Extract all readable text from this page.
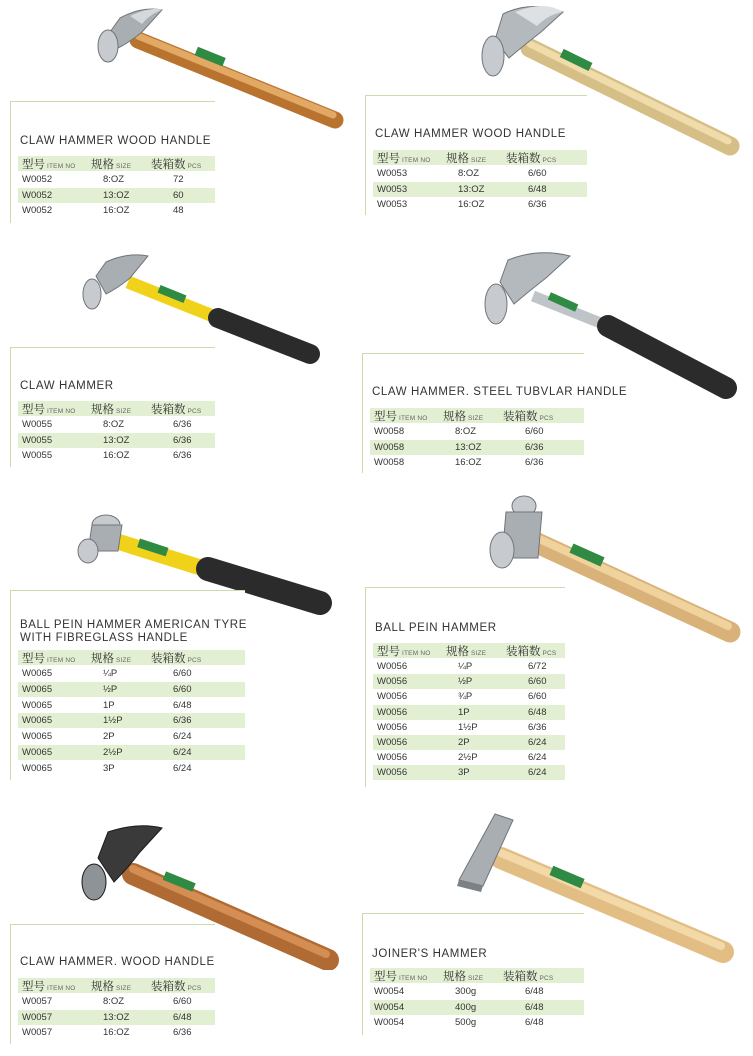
CLAW HAMMER WOOD HANDLE
型号 ITEM NO 规格 SIZE 装箱数 PCS
W0052	8:OZ	72
W0052	13:OZ	60
W0052	16:OZ	48
CLAW HAMMER WOOD HANDLE
型号 ITEM NO 规格 SIZE 装箱数 PCS
W0053	8:OZ	6/60
W0053	13:OZ	6/48
W0053	16:OZ	6/36
CLAW HAMMER
型号 ITEM NO 规格 SIZE 装箱数 PCS
W0055	8:OZ	6/36
W0055	13:OZ	6/36
W0055	16:OZ	6/36
CLAW HAMMER. STEEL TUBVLAR HANDLE
型号 ITEM NO 规格 SIZE 装箱数 PCS
W0058	8:OZ	6/60
W0058	13:OZ	6/36
W0058	16:OZ	6/36
BALL PEIN HAMMER AMERICAN TYRE
WITH FIBREGLASS HANDLE
型号 ITEM NO 规格 SIZE 装箱数 PCS
W0065	¼P	6/60
W0065	½P	6/60
W0065	1P	6/48
W0065	1½P	6/36
W0065	2P	6/24
W0065	2½P	6/24
W0065	3P	6/24
BALL PEIN HAMMER
型号 ITEM NO 规格 SIZE 装箱数 PCS
W0056	¼P	6/72
W0056	½P	6/60
W0056	¾P	6/60
W0056	1P	6/48
W0056	1½P	6/36
W0056	2P	6/24
W0056	2½P	6/24
W0056	3P	6/24
CLAW HAMMER. WOOD HANDLE
型号 ITEM NO 规格 SIZE 装箱数 PCS
W0057	8:OZ	6/60
W0057	13:OZ	6/48
W0057	16:OZ	6/36
JOINER'S HAMMER
型号 ITEM NO 规格 SIZE 装箱数 PCS
W0054	300g	6/48
W0054	400g	6/48
W0054	500g	6/48
